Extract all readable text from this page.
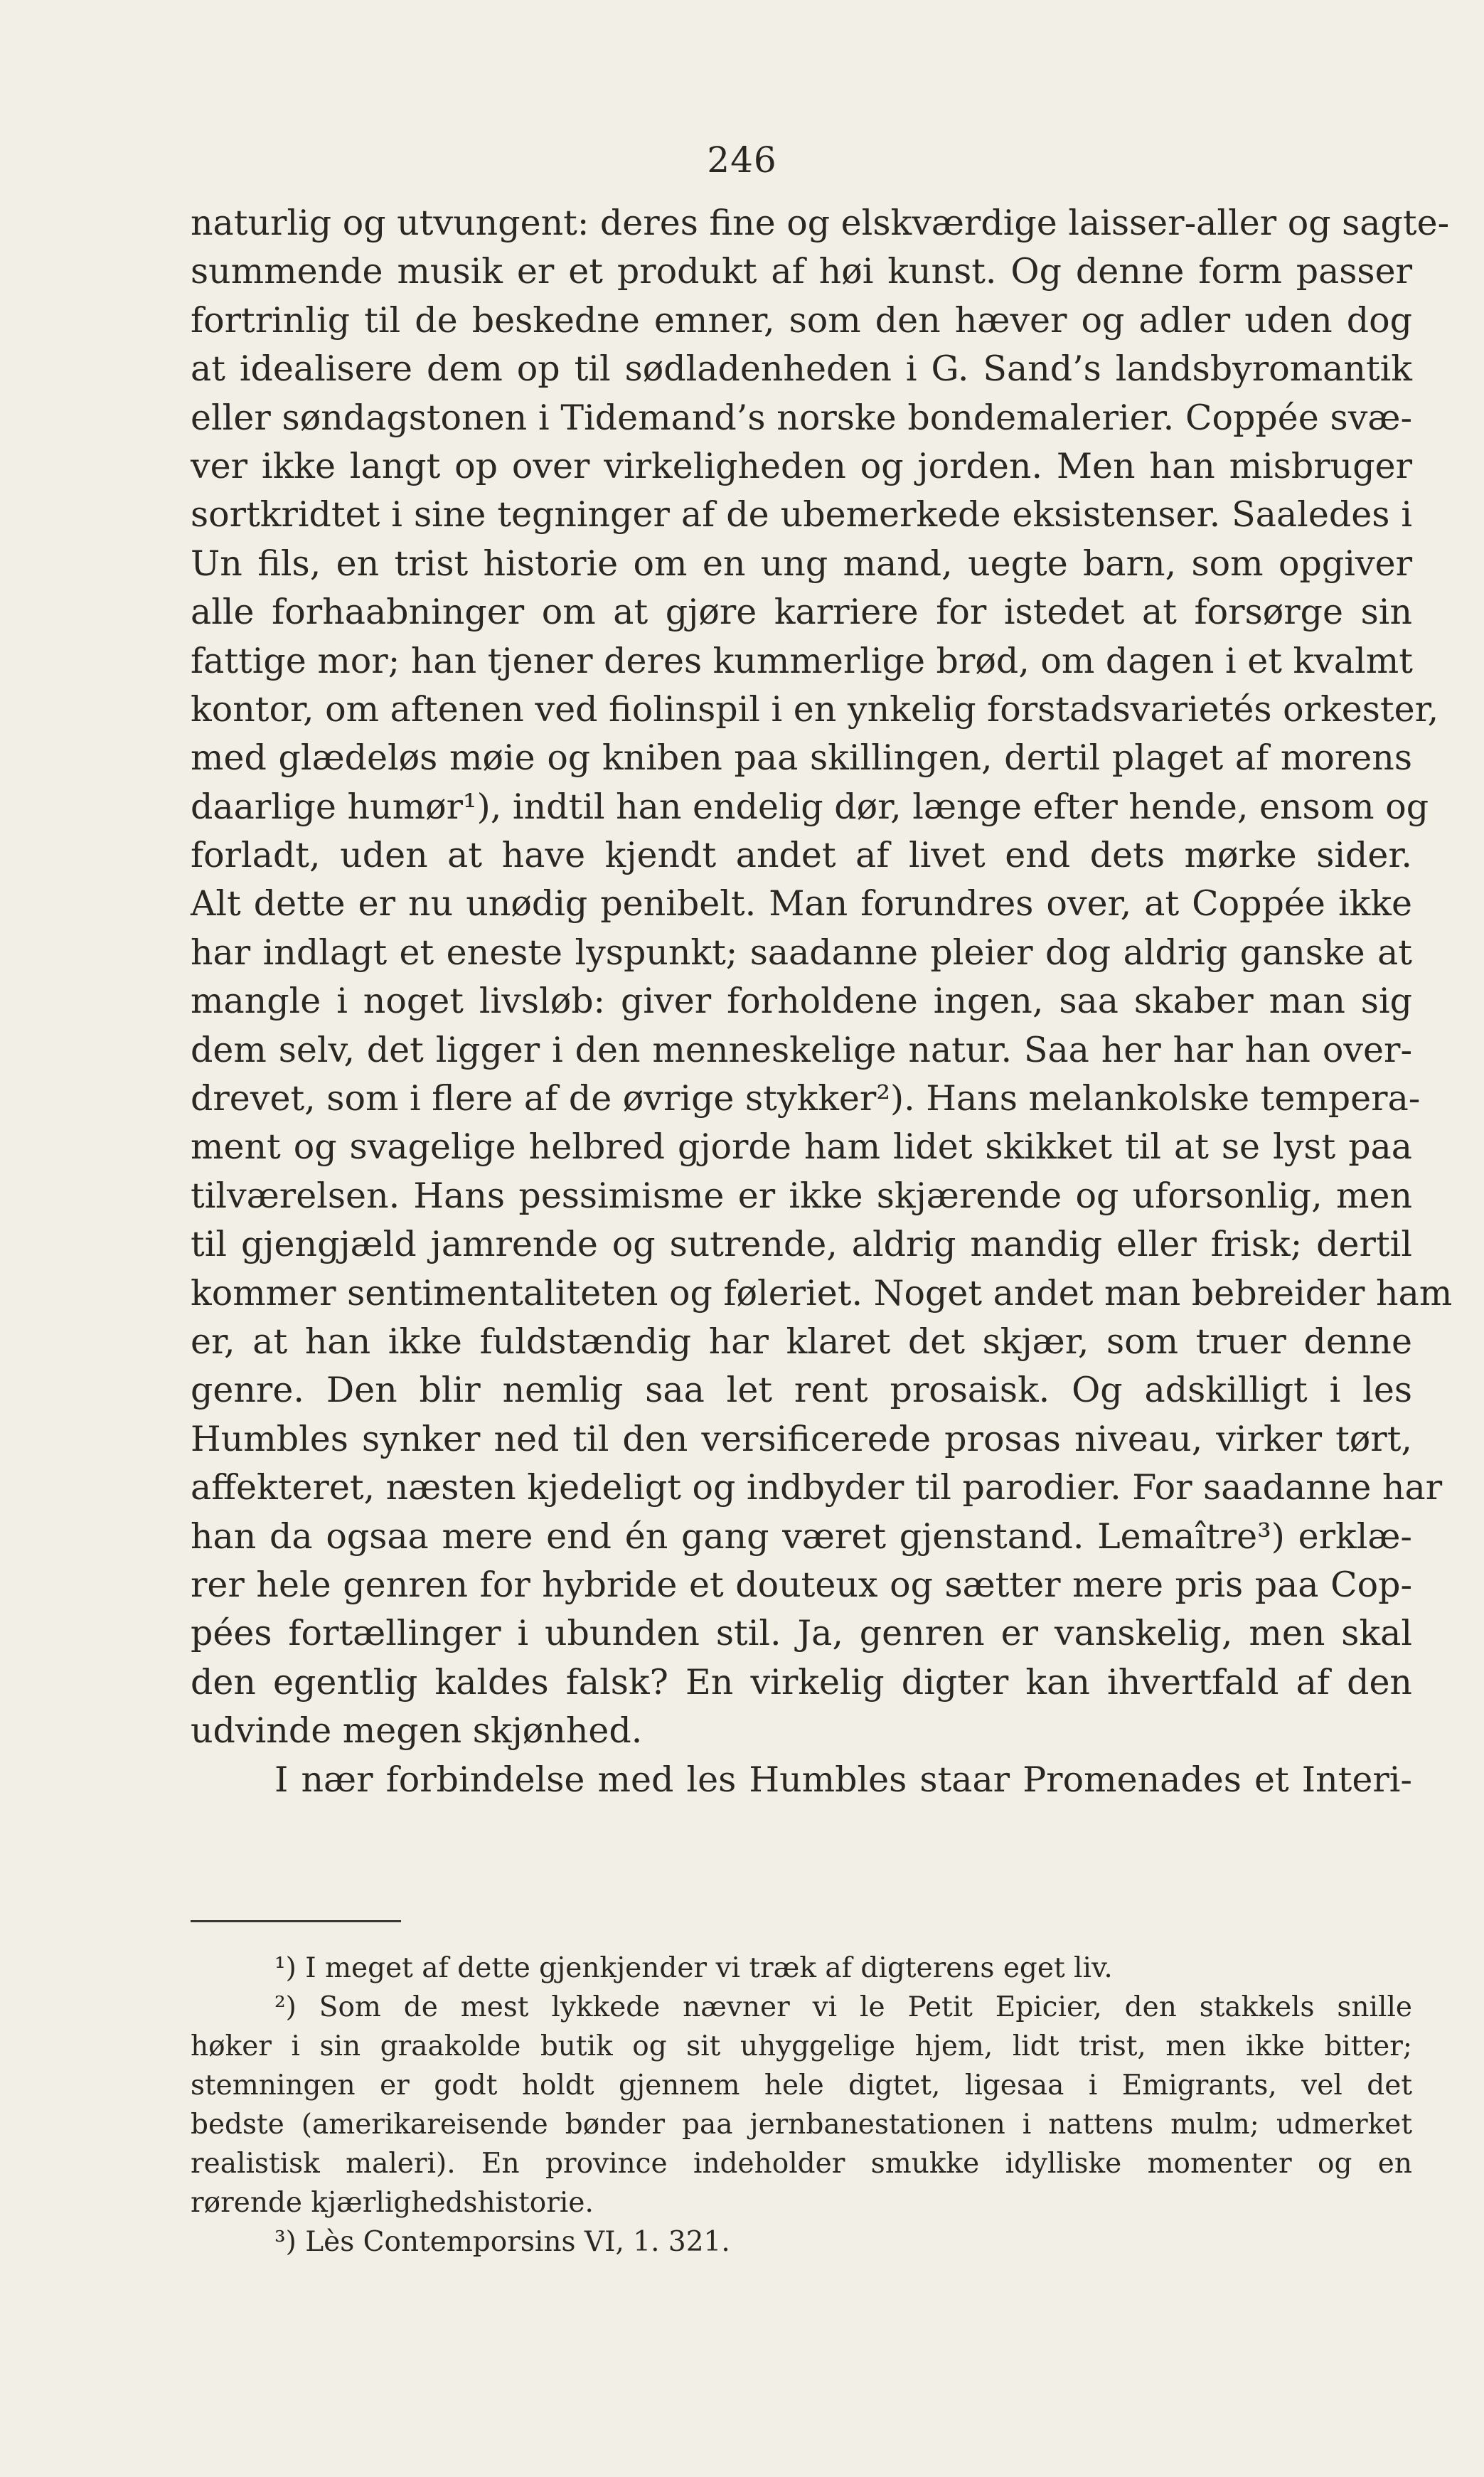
246
naturlig og utvungent: deres fine og elskværdige laisser-aller og sagte-
summende musik er et produkt af høi kunst. Og denne form passer
fortrinlig til de beskedne emner, som den hæver og adler uden dog
at idealisere dem op til sødladenheden i G. Sand’s landsbyromantik
eller søndagstonen i Tidemand’s norske bondemalerier. Coppée svæ-
ver ikke langt op over virkeligheden og jorden. Men han misbruger
sortkridtet i sine tegninger af de ubemerkede eksistenser. Saaledes i
Un fils, en trist historie om en ung mand, uegte barn, som opgiver
alle forhaabninger om at gjøre karriere for istedet at forsørge sin
fattige mor; han tjener deres kummerlige brød, om dagen i et kvalmt
kontor, om aftenen ved fiolinspil i en ynkelig forstadsvarietés orkester,
med glædeløs møie og kniben paa skillingen, dertil plaget af morens
daarlige humør¹), indtil han endelig dør, længe efter hende, ensom og
forladt, uden at have kjendt andet af livet end dets mørke sider.
Alt dette er nu unødig penibelt. Man forundres over, at Coppée ikke
har indlagt et eneste lyspunkt; saadanne pleier dog aldrig ganske at
mangle i noget livsløb: giver forholdene ingen, saa skaber man sig
dem selv, det ligger i den menneskelige natur. Saa her har han over-
drevet, som i flere af de øvrige stykker²). Hans melankolske tempera-
ment og svagelige helbred gjorde ham lidet skikket til at se lyst paa
tilværelsen. Hans pessimisme er ikke skjærende og uforsonlig, men
til gjengjæld jamrende og sutrende, aldrig mandig eller frisk; dertil
kommer sentimentaliteten og føleriet. Noget andet man bebreider ham
er, at han ikke fuldstændig har klaret det skjær, som truer denne
genre. Den blir nemlig saa let rent prosaisk. Og adskilligt i les
Humbles synker ned til den versificerede prosas niveau, virker tørt,
affekteret, næsten kjedeligt og indbyder til parodier. For saadanne har
han da ogsaa mere end én gang været gjenstand. Lemaître³) erklæ-
rer hele genren for hybride et douteux og sætter mere pris paa Cop-
pées fortællinger i ubunden stil. Ja, genren er vanskelig, men skal
den egentlig kaldes falsk? En virkelig digter kan ihvertfald af den
udvinde megen skjønhed.
I nær forbindelse med les Humbles staar Promenades et Interi-
¹) I meget af dette gjenkjender vi træk af digterens eget liv.
²) Som de mest lykkede nævner vi le Petit Epicier, den stakkels snille
høker i sin graakolde butik og sit uhyggelige hjem, lidt trist, men ikke bitter;
stemningen er godt holdt gjennem hele digtet, ligesaa i Emigrants, vel det
bedste (amerikareisende bønder paa jernbanestationen i nattens mulm; udmerket
realistisk maleri). En province indeholder smukke idylliske momenter og en
rørende kjærlighedshistorie.
³) Lès Contemporsins VI, 1. 321.
